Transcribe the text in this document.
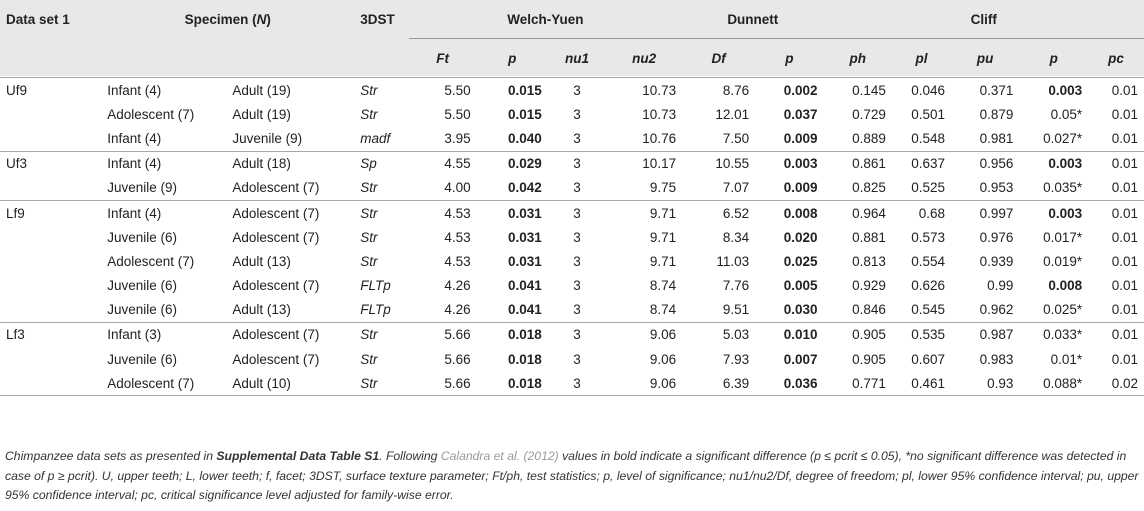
Data set 1	Specimen (N)		3DST	Welch-Yuen				Dunnett		Cliff				
				Ft	p	nu1	nu2	Df	p	ph	pl	pu	p	pc
Uf9	Infant (4)	Adult (19)	Str	5.50	0.015	3	10.73	8.76	0.002	0.145	0.046	0.371	0.003	0.01
	Adolescent (7)	Adult (19)	Str	5.50	0.015	3	10.73	12.01	0.037	0.729	0.501	0.879	0.05*	0.01
	Infant (4)	Juvenile (9)	madf	3.95	0.040	3	10.76	7.50	0.009	0.889	0.548	0.981	0.027*	0.01
Uf3	Infant (4)	Adult (18)	Sp	4.55	0.029	3	10.17	10.55	0.003	0.861	0.637	0.956	0.003	0.01
	Juvenile (9)	Adolescent (7)	Str	4.00	0.042	3	9.75	7.07	0.009	0.825	0.525	0.953	0.035*	0.01
Lf9	Infant (4)	Adolescent (7)	Str	4.53	0.031	3	9.71	6.52	0.008	0.964	0.68	0.997	0.003	0.01
	Juvenile (6)	Adolescent (7)	Str	4.53	0.031	3	9.71	8.34	0.020	0.881	0.573	0.976	0.017*	0.01
	Adolescent (7)	Adult (13)	Str	4.53	0.031	3	9.71	11.03	0.025	0.813	0.554	0.939	0.019*	0.01
	Juvenile (6)	Adolescent (7)	FLTp	4.26	0.041	3	8.74	7.76	0.005	0.929	0.626	0.99	0.008	0.01
	Juvenile (6)	Adult (13)	FLTp	4.26	0.041	3	8.74	9.51	0.030	0.846	0.545	0.962	0.025*	0.01
Lf3	Infant (3)	Adolescent (7)	Str	5.66	0.018	3	9.06	5.03	0.010	0.905	0.535	0.987	0.033*	0.01
	Juvenile (6)	Adolescent (7)	Str	5.66	0.018	3	9.06	7.93	0.007	0.905	0.607	0.983	0.01*	0.01
	Adolescent (7)	Adult (10)	Str	5.66	0.018	3	9.06	6.39	0.036	0.771	0.461	0.93	0.088*	0.02
Chimpanzee data sets as presented in Supplemental Data Table S1. Following Calandra et al. (2012) values in bold indicate a significant difference (p ≤ pcrit ≤ 0.05), *no significant difference was detected in case of p ≥ pcrit). U, upper teeth; L, lower teeth; f, facet; 3DST, surface texture parameter; Ft/ph, test statistics; p, level of significance; nu1/nu2/Df, degree of freedom; pl, lower 95% confidence interval; pu, upper 95% confidence interval; pc, critical significance level adjusted for family-wise error.
